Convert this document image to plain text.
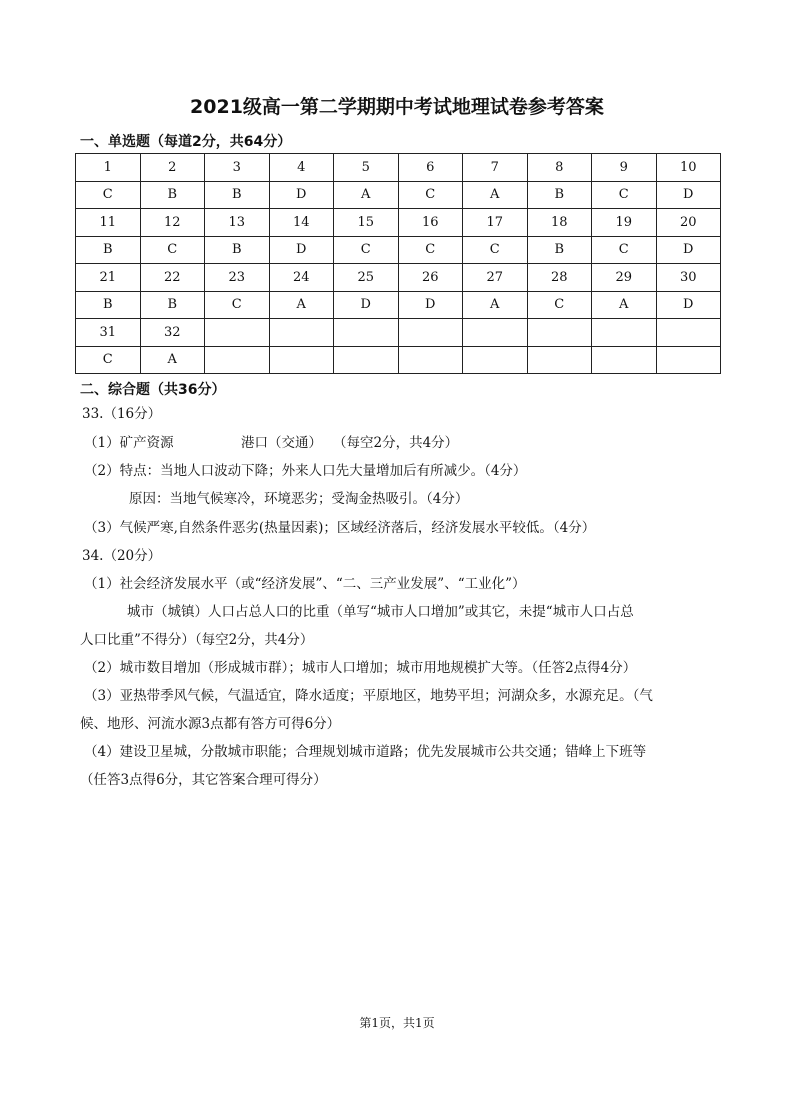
2021级高一第二学期期中考试地理试卷参考答案
一、单选题（每道2分，共64分）
1	2	3	4	5	6	7	8	9	10
C	B	B	D	A	C	A	B	C	D
11	12	13	14	15	16	17	18	19	20
B	C	B	D	C	C	C	B	C	D
21	22	23	24	25	26	27	28	29	30
B	B	C	A	D	D	A	C	A	D
31	32								
C	A								
二、综合题（共36分）
33.（16分）
（1）矿产资源	港口（交通） （每空2分，共4分）
（2）特点：当地人口波动下降；外来人口先大量增加后有所减少。（4分）
原因：当地气候寒冷，环境恶劣；受淘金热吸引。（4分）
（3）气候严寒,自然条件恶劣(热量因素)；区域经济落后，经济发展水平较低。（4分）
34.（20分）
（1）社会经济发展水平（或“经济发展”、“二、三产业发展”、“工业化”）
城市（城镇）人口占总人口的比重（单写“城市人口增加”或其它，未提“城市人口占总
人口比重”不得分）（每空2分，共4分）
（2）城市数目增加（形成城市群）；城市人口增加；城市用地规模扩大等。（任答2点得4分）
（3）亚热带季风气候，气温适宜，降水适度；平原地区，地势平坦；河湖众多，水源充足。（气
候、地形、河流水源3点都有答方可得6分）
（4）建设卫星城，分散城市职能；合理规划城市道路；优先发展城市公共交通；错峰上下班等
（任答3点得6分，其它答案合理可得分）
第1页，共1页
